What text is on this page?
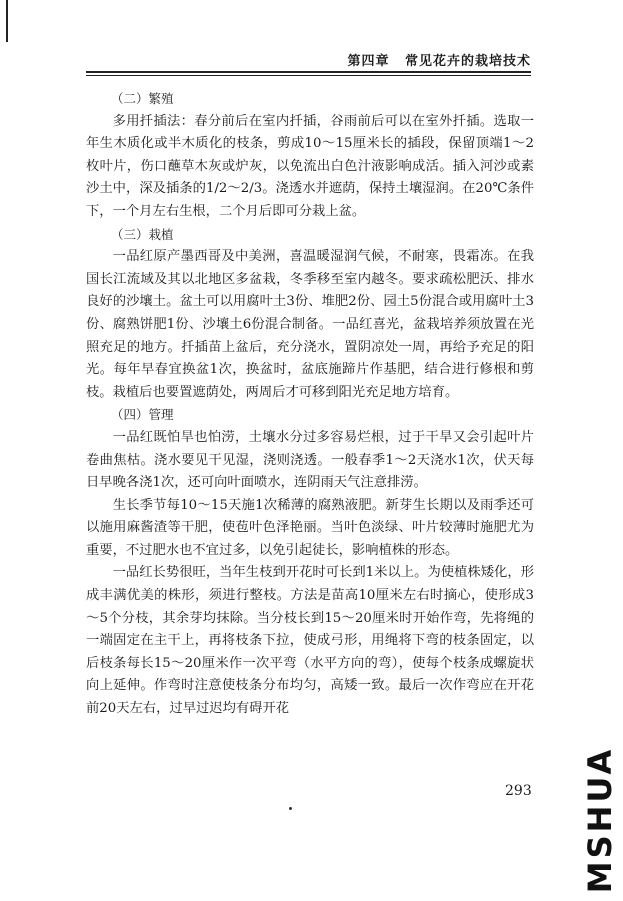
第四章 常见花卉的栽培技术
（二）繁殖

多用扦插法：春分前后在室内扦插，谷雨前后可以在室外扦插。选取一年生木质化或半木质化的枝条，剪成10～15厘米长的插段，保留顶端1～2枚叶片，伤口蘸草木灰或炉灰，以免流出白色汁液影响成活。插入河沙或素沙土中，深及插条的1/2～2/3。浇透水并遮荫，保持土壤湿润。在20℃条件下，一个月左右生根，二个月后即可分栽上盆。

（三）栽植

一品红原产墨西哥及中美洲，喜温暖湿润气候，不耐寒，畏霜冻。在我国长江流域及其以北地区多盆栽，冬季移至室内越冬。要求疏松肥沃、排水良好的沙壤土。盆土可以用腐叶土3份、堆肥2份、园土5份混合或用腐叶土3份、腐熟饼肥1份、沙壤土6份混合制备。一品红喜光，盆栽培养须放置在光照充足的地方。扦插苗上盆后，充分浇水，置阴凉处一周，再给予充足的阳光。每年早春宜换盆1次，换盆时，盆底施蹄片作基肥，结合进行修根和剪枝。栽植后也要置遮荫处，两周后才可移到阳光充足地方培育。

（四）管理

一品红既怕旱也怕涝，土壤水分过多容易烂根，过于干旱又会引起叶片卷曲焦枯。浇水要见干见湿，浇则浇透。一般春季1～2天浇水1次，伏天每日早晚各浇1次，还可向叶面喷水，连阴雨天气注意排涝。

生长季节每10～15天施1次稀薄的腐熟液肥。新芽生长期以及雨季还可以施用麻酱渣等干肥，使苞叶色泽艳丽。当叶色淡绿、叶片较薄时施肥尤为重要，不过肥水也不宜过多，以免引起徒长，影响植株的形态。

一品红长势很旺，当年生枝到开花时可长到1米以上。为使植株矮化，形成丰满优美的株形，须进行整枝。方法是苗高10厘米左右时摘心，使形成3～5个分枝，其余芽均抹除。当分枝长到15～20厘米时开始作弯，先将绳的一端固定在主干上，再将枝条下拉，使成弓形，用绳将下弯的枝条固定，以后枝条每长15～20厘米作一次平弯（水平方向的弯），使每个枝条成螺旋状向上延伸。作弯时注意使枝条分布均匀，高矮一致。最后一次作弯应在开花前20天左右，过早过迟均有碍开花

293 MSHUA
